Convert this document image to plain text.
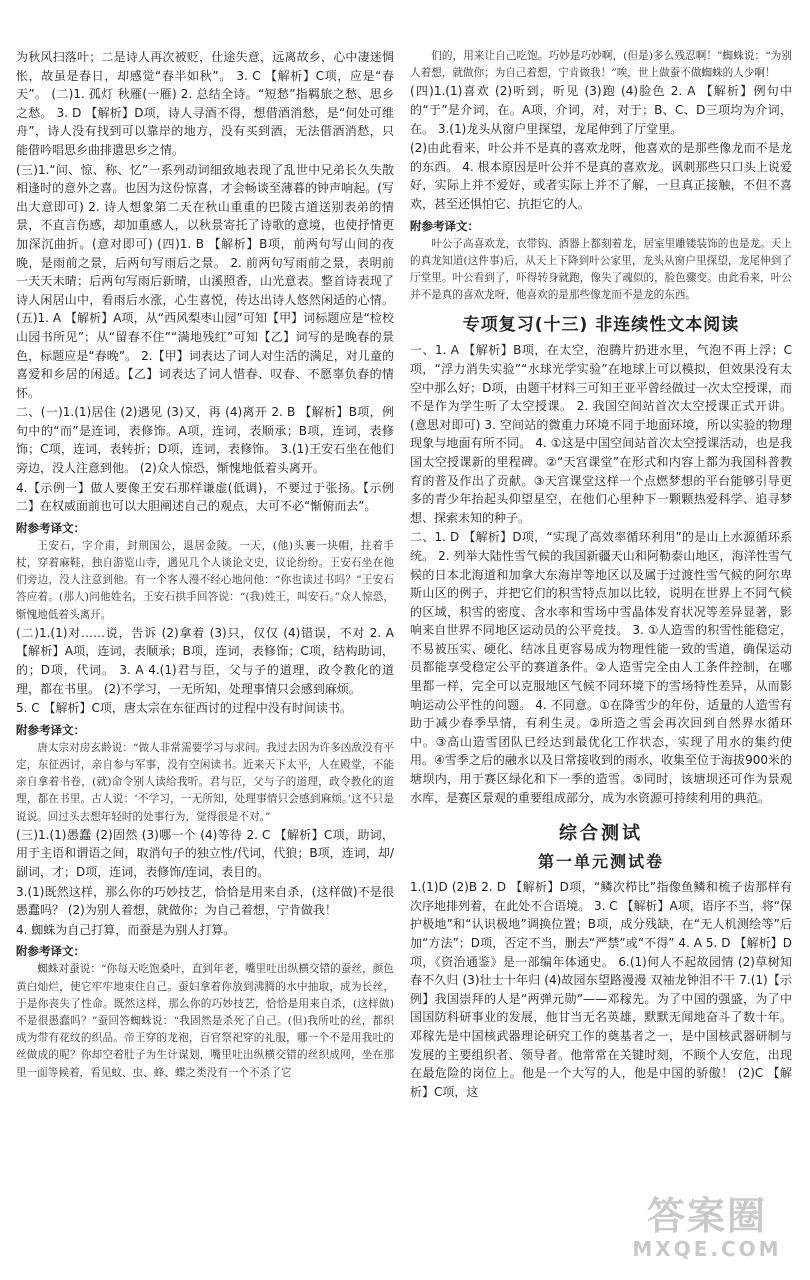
为秋风扫落叶；二是诗人再次被贬，仕途失意，远离故乡，心中凄迷惆怅，故虽是春日，却感觉“春半如秋”。 3. C 【解析】C项，应是“春天”。 (二)1. 孤灯 秋雁(一雁) 2. 总结全诗。“短愁”指羁旅之愁、思乡之愁。 3. D 【解析】D项，诗人寻酒不得，想借酒消愁，是“何处可维舟”，诗人没有找到可以靠岸的地方，没有买到酒，无法借酒消愁，只能借吟唱思乡曲排遣思乡之情。
(三)1.“问、惊、称、忆”一系列动词细致地表现了乱世中兄弟长久失散相逢时的意外之喜。也因为这份惊喜，才会畅谈至薄暮的钟声响起。(写出大意即可) 2. 诗人想象第二天在秋山重重的巴陵古道送别表弟的情景，不直言伤感，却加重感人，以秋景寄托了诗歌的意境，也使抒情更加深沉曲折。(意对即可) (四)1. B 【解析】B项，前两句写山间的夜晚，是雨前之景，后两句写雨后之景。 2. 前两句写雨前之景，表明前一天天未晴；后两句写雨后新晴，山溪照香，山光意表。整首诗表现了诗人闲居山中，看雨后水涨，心生喜悦，传达出诗人悠然闲适的心情。 (五)1. A 【解析】A项，从“西风梨枣山园”可知【甲】词标题应是“检校山园书所见”；从“留春不住”“满地残红”可知【乙】词写的是晚春的景色，标题应是“春晚”。 2.【甲】词表达了词人对生活的满足，对儿童的喜爱和乡居的闲适。【乙】词表达了词人惜春、叹春、不愿辜负春的情怀。
二、(一)1.(1)居住 (2)遇见 (3)又，再 (4)离开 2. B 【解析】B项，例句中的“而”是连词，表修饰。A项，连词，表顺承；B项，连词，表修饰；C项，连词，表转折；D项，连词，表修饰。 3.(1)王安石坐在他们旁边，没人注意到他。 (2)众人惊恐，惭愧地低着头离开。
4.【示例一】做人要像王安石那样谦虚(低调)，不要过于张扬。【示例二】在权威面前也可以大胆阐述自己的观点，大可不必“惭俯而去”。
附参考译文：
王安石，字介甫，封荆国公，退居金陵。一天，(他)头裹一块帽，拄着手杖，穿着麻鞋，独自游览山寺，遇见几个人谈论文史，议论纷纷。王安石坐在他们旁边，没人注意到他。有一个客人漫不经心地问他：“你也读过书吗？”王安石答应着。(那人)问他姓名，王安石拱手回答说：“(我)姓王，叫安石。”众人惊恐，惭愧地低着头离开。
(二)1.(1)对……说，告诉 (2)拿着 (3)只，仅仅 (4)错误，不对 2. A 【解析】A项，连词，表顺承；B项，连词，表修饰；C项，结构助词，的；D项，代词。 3. A 4.(1)君与臣，父与子的道理，政令教化的道理，都在书里。 (2)不学习，一无所知，处理事情只会感到麻烦。
5. C 【解析】C项，唐太宗在东征西讨的过程中没有时间读书。
附参考译文：
唐太宗对房玄龄说：“做人非常需要学习与求问。我过去因为许多凶敌没有平定，东征西讨，亲自参与军事，没有空闲读书。近来天下太平，人在殿堂，不能亲自拿着书卷，(就)命令别人读给我听。君与臣，父与子的道理，政令教化的道理，都在书里。古人说：‘不学习，一无所知，处理事情只会感到麻烦。’这不只是说说。回过头去想年轻时的处事行为，觉得很是不对。”
(三)1.(1)愚蠢 (2)固然 (3)哪一个 (4)等待 2. C 【解析】C项，助词，用于主语和谓语之间，取消句子的独立性/代词，代狼；B项，连词，却/副词，才；D项，连词，表修饰/连词，表目的。
3.(1)既然这样，那么你的巧妙技艺，恰恰是用来自杀，(这样做)不是很愚蠢吗？ (2)为别人着想，就做你；为自己着想，宁肯做我！
4. 蜘蛛为自己打算，而蚕是为别人打算。
附参考译文：
蜘蛛对蚕说：“你每天吃饱桑叶，直到年老，嘴里吐出纵横交错的蚕丝，颜色黄白灿烂，使它牢牢地束住自己。蚕妇拿着你放到沸腾的水中抽取，成为长丝，于是你丧失了性命。既然这样，那么你的巧妙技艺，恰恰是用来自杀，(这样做)不是很愚蠢吗？”蚕回答蜘蛛说：“我固然是杀死了自己。(但)我所吐的丝，都织成为带有花纹的织品。帝王穿的龙袍，百官祭祀穿的礼服，哪一个不是用我吐的丝做成的呢？你却空着肚子为生计谋划，嘴里吐出纵横交错的丝织成网，坐在那里一面等候着，看见蚊、虫、蜂、蝶之类没有一个不杀了它
们的，用来让自己吃饱。巧妙是巧妙啊，(但是)多么残忍啊！”蜘蛛说：“为别人着想，就做你；为自己着想，宁肯做我！”唉，世上做蚕不做蜘蛛的人少啊！
(四)1.(1)喜欢 (2)听到，听见 (3)跑 (4)脸色 2. A 【解析】例句中的“于”是介词，在。A项，介词，对，对于；B、C、D三项均为介词，在。 3.(1)龙头从窗户里探望，龙尾伸到了厅堂里。
(2)由此看来，叶公并不是真的喜欢龙呀，他喜欢的是那些像龙而不是龙的东西。 4. 根本原因是叶公并不是真的喜欢龙。讽刺那些只口头上说爱好，实际上并不爱好，或者实际上并不了解，一旦真正接触，不但不喜欢，甚至还惧怕它、抗拒它的人。
附参考译文：
叶公子高喜欢龙，衣带钩、酒器上都刻着龙，居室里雕镂装饰的也是龙。天上的真龙知道(这件事)后，从天上下降到叶公家里，龙头从窗户里探望，龙尾伸到了厅堂里。叶公看到了，吓得转身就跑，像失了魂似的，脸色骤变。由此看来，叶公并不是真的喜欢龙呀，他喜欢的是那些像龙而不是龙的东西。
专项复习(十三) 非连续性文本阅读
一、1. A 【解析】B项，在太空，泡腾片扔进水里，气泡不再上浮；C项，“浮力消失实验”“水球光学实验”在地球上可以模拟，但效果没有太空中那么好；D项，由题干材料三可知王亚平曾经做过一次太空授课，而不是作为学生听了太空授课。 2. 我国空间站首次太空授课正式开讲。(意思对即可) 3. 空间站的微重力环境不同于地面环境，所以实验的物理现象与地面有所不同。 4. ①这是中国空间站首次太空授课活动，也是我国太空授课新的里程碑。②“天宫课堂”在形式和内容上都为我国科普教育的普及作出了贡献。③天宫课堂这样一个点燃梦想的平台能够引导更多的青少年抬起头仰望星空，在他们心里种下一颗颗热爱科学、追寻梦想、探索未知的种子。
二、1. D 【解析】D项，“实现了高效率循环利用”的是山上水源循环系统。 2. 列举大陆性雪气候的我国新疆天山和阿勒泰山地区，海洋性雪气候的日本北海道和加拿大东海岸等地区以及属于过渡性雪气候的阿尔卑斯山区的例子，并把它们的积雪特点加以比较，说明在世界上不同气候的区域，积雪的密度、含水率和雪场中雪晶体发育状况等差异显著，影响来自世界不同地区运动员的公平竞技。 3. ①人造雪的积雪性能稳定，不易被压实、硬化、结冰且更容易成为物理性能一致的雪道，确保运动员都能享受稳定公平的赛道条件。②人造雪完全由人工条件控制，在哪里都一样，完全可以克服地区气候不同环境下的雪场特性差异，从而影响运动公平性的问题。 4. 不同意。①在降雪少的年份，适量的人造雪有助于减少春季旱情，有利生灵。②所造之雪会再次回到自然界水循环中。③高山造雪团队已经达到最优化工作状态，实现了用水的集约使用。④雪季之后的融水以及日常接收到的雨水，收集至位于海拔900米的塘坝内，用于赛区绿化和下一季的造雪。⑤同时，该塘坝还可作为景观水库，是赛区景观的重要组成部分，成为水资源可持续利用的典范。
综合测试
第一单元测试卷
1.(1)D (2)B 2. D 【解析】D项，“鳞次栉比”指像鱼鳞和梳子齿那样有次序地排列着，在此处不合语境。 3. C 【解析】A项，语序不当，将“保护极地”和“认识极地”调换位置；B项，成分残缺，在“无人机测绘等”后加“方法”；D项，否定不当，删去“严禁”或“不得” 4. A 5. D 【解析】D项，《资治通鉴》是一部编年体通史。 6.(1)何人不起故园情 (2)草树知春不久归 (3)壮士十年归 (4)故园东望路漫漫 双袖龙钟泪不干 7.(1)【示例】我国崇拜的人是“两弹元勋”——邓稼先。为了中国的强盛，为了中国国防科研事业的发展，他甘当无名英雄，默默无闻地奋斗了数十年。邓稼先是中国核武器理论研究工作的奠基者之一，是中国核武器研制与发展的主要组织者、领导者。他常常在关键时刻，不顾个人安危，出现在最危险的岗位上。他是一个大写的人，他是中国的骄傲！ (2)C 【解析】C项，这
答案圈
MXQE.COM
